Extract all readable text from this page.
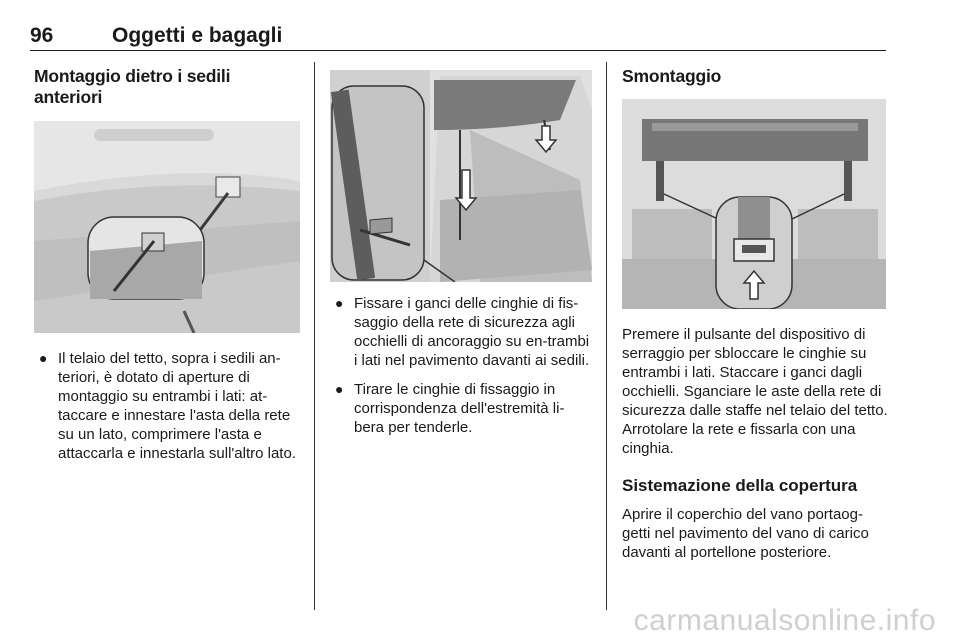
96	Oggetti e bagagli
Montaggio dietro i sedili anteriori
● Il telaio del tetto, sopra i sedili an-teriori, è dotato di aperture di montaggio su entrambi i lati: at-taccare e innestare l'asta della rete su un lato, comprimere l'asta e attaccarla e innestarla sull'altro lato.
● Fissare i ganci delle cinghie di fis-saggio della rete di sicurezza agli occhielli di ancoraggio su en-trambi i lati nel pavimento davanti ai sedili.
● Tirare le cinghie di fissaggio in corrispondenza dell'estremità li-bera per tenderle.
Smontaggio

Premere il pulsante del dispositivo di serraggio per sbloccare le cinghie su entrambi i lati. Staccare i ganci dagli occhielli. Sganciare le aste della rete di sicurezza dalle staffe nel telaio del tetto. Arrotolare la rete e fissarla con una cinghia.

Sistemazione della copertura

Aprire il coperchio del vano portaog-getti nel pavimento del vano di carico davanti al portellone posteriore.

carmanualsonline.info
